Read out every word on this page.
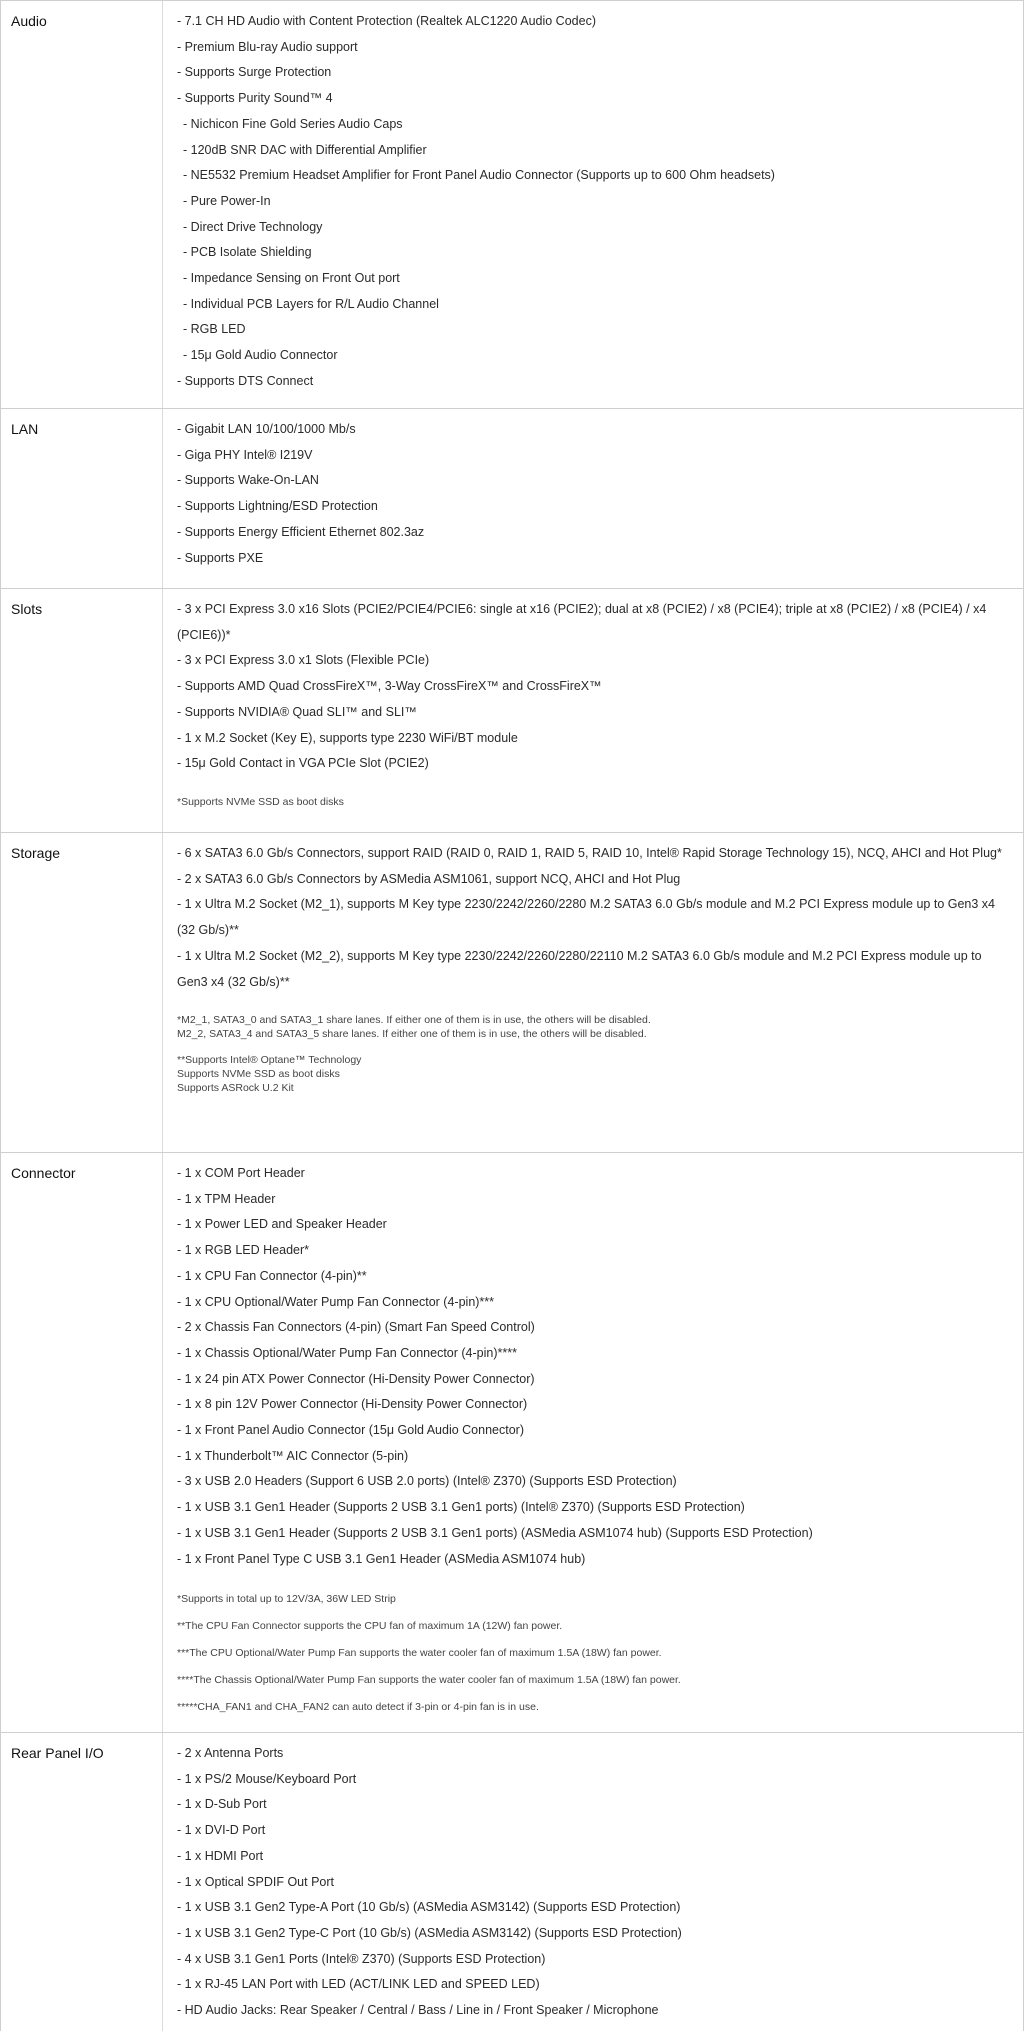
Audio	- 7.1 CH HD Audio with Content Protection (Realtek ALC1220 Audio Codec)
- Premium Blu-ray Audio support
- Supports Surge Protection
- Supports Purity Sound™ 4
- Nichicon Fine Gold Series Audio Caps
- 120dB SNR DAC with Differential Amplifier
- NE5532 Premium Headset Amplifier for Front Panel Audio Connector (Supports up to 600 Ohm headsets)
- Pure Power-In
- Direct Drive Technology
- PCB Isolate Shielding
- Impedance Sensing on Front Out port
- Individual PCB Layers for R/L Audio Channel
- RGB LED
- 15μ Gold Audio Connector
- Supports DTS Connect
LAN	- Gigabit LAN 10/100/1000 Mb/s
- Giga PHY Intel® I219V
- Supports Wake-On-LAN
- Supports Lightning/ESD Protection
- Supports Energy Efficient Ethernet 802.3az
- Supports PXE
Slots	- 3 x PCI Express 3.0 x16 Slots (PCIE2/PCIE4/PCIE6: single at x16 (PCIE2); dual at x8 (PCIE2) / x8 (PCIE4); triple at x8 (PCIE2) / x8 (PCIE4) / x4 (PCIE6))*
- 3 x PCI Express 3.0 x1 Slots (Flexible PCIe)
- Supports AMD Quad CrossFireX™, 3-Way CrossFireX™ and CrossFireX™
- Supports NVIDIA® Quad SLI™ and SLI™
- 1 x M.2 Socket (Key E), supports type 2230 WiFi/BT module
- 15μ Gold Contact in VGA PCIe Slot (PCIE2)
*Supports NVMe SSD as boot disks
Storage	- 6 x SATA3 6.0 Gb/s Connectors, support RAID (RAID 0, RAID 1, RAID 5, RAID 10, Intel® Rapid Storage Technology 15), NCQ, AHCI and Hot Plug*
- 2 x SATA3 6.0 Gb/s Connectors by ASMedia ASM1061, support NCQ, AHCI and Hot Plug
- 1 x Ultra M.2 Socket (M2_1), supports M Key type 2230/2242/2260/2280 M.2 SATA3 6.0 Gb/s module and M.2 PCI Express module up to Gen3 x4 (32 Gb/s)**
- 1 x Ultra M.2 Socket (M2_2), supports M Key type 2230/2242/2260/2280/22110 M.2 SATA3 6.0 Gb/s module and M.2 PCI Express module up to Gen3 x4 (32 Gb/s)**
*M2_1, SATA3_0 and SATA3_1 share lanes. If either one of them is in use, the others will be disabled.
M2_2, SATA3_4 and SATA3_5 share lanes. If either one of them is in use, the others will be disabled.
**Supports Intel® Optane™ Technology
Supports NVMe SSD as boot disks
Supports ASRock U.2 Kit
Connector	- 1 x COM Port Header
- 1 x TPM Header
- 1 x Power LED and Speaker Header
- 1 x RGB LED Header*
- 1 x CPU Fan Connector (4-pin)**
- 1 x CPU Optional/Water Pump Fan Connector (4-pin)***
- 2 x Chassis Fan Connectors (4-pin) (Smart Fan Speed Control)
- 1 x Chassis Optional/Water Pump Fan Connector (4-pin)****
- 1 x 24 pin ATX Power Connector (Hi-Density Power Connector)
- 1 x 8 pin 12V Power Connector (Hi-Density Power Connector)
- 1 x Front Panel Audio Connector (15μ Gold Audio Connector)
- 1 x Thunderbolt™ AIC Connector (5-pin)
- 3 x USB 2.0 Headers (Support 6 USB 2.0 ports) (Intel® Z370) (Supports ESD Protection)
- 1 x USB 3.1 Gen1 Header (Supports 2 USB 3.1 Gen1 ports) (Intel® Z370) (Supports ESD Protection)
- 1 x USB 3.1 Gen1 Header (Supports 2 USB 3.1 Gen1 ports) (ASMedia ASM1074 hub) (Supports ESD Protection)
- 1 x Front Panel Type C USB 3.1 Gen1 Header (ASMedia ASM1074 hub)
*Supports in total up to 12V/3A, 36W LED Strip
**The CPU Fan Connector supports the CPU fan of maximum 1A (12W) fan power.
***The CPU Optional/Water Pump Fan supports the water cooler fan of maximum 1.5A (18W) fan power.
****The Chassis Optional/Water Pump Fan supports the water cooler fan of maximum 1.5A (18W) fan power.
*****CHA_FAN1 and CHA_FAN2 can auto detect if 3-pin or 4-pin fan is in use.
Rear Panel I/O	- 2 x Antenna Ports
- 1 x PS/2 Mouse/Keyboard Port
- 1 x D-Sub Port
- 1 x DVI-D Port
- 1 x HDMI Port
- 1 x Optical SPDIF Out Port
- 1 x USB 3.1 Gen2 Type-A Port (10 Gb/s) (ASMedia ASM3142) (Supports ESD Protection)
- 1 x USB 3.1 Gen2 Type-C Port (10 Gb/s) (ASMedia ASM3142) (Supports ESD Protection)
- 4 x USB 3.1 Gen1 Ports (Intel® Z370) (Supports ESD Protection)
- 1 x RJ-45 LAN Port with LED (ACT/LINK LED and SPEED LED)
- HD Audio Jacks: Rear Speaker / Central / Bass / Line in / Front Speaker / Microphone
